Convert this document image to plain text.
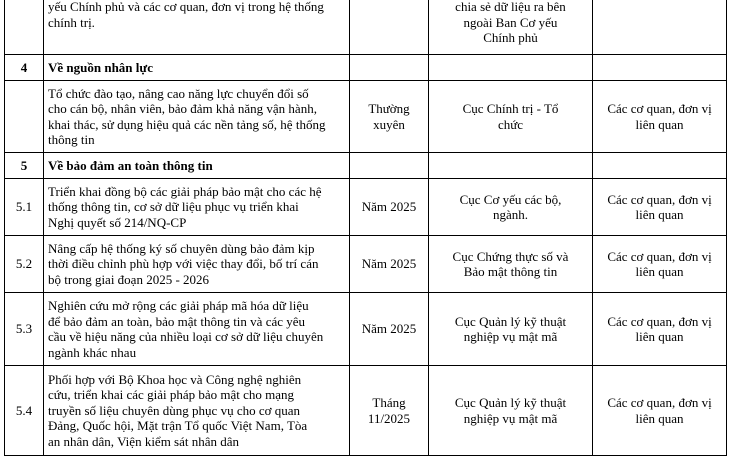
	yếu Chính phủ và các cơ quan, đơn vị trong hệ thống
chính trị.		chia sẻ dữ liệu ra bên
ngoài Ban Cơ yếu
Chính phủ	
4	Về nguồn nhân lực			
	Tổ chức đào tạo, nâng cao năng lực chuyển đổi số
cho cán bộ, nhân viên, bảo đảm khả năng vận hành,
khai thác, sử dụng hiệu quả các nền tảng số, hệ thống
thông tin	Thường xuyên	Cục Chính trị - Tổ
chức	Các cơ quan, đơn vị
liên quan
5	Về bảo đảm an toàn thông tin			
5.1	Triển khai đồng bộ các giải pháp bảo mật cho các hệ
thống thông tin, cơ sở dữ liệu phục vụ triển khai
Nghị quyết số 214/NQ-CP	Năm 2025	Cục Cơ yếu các bộ,
ngành.	Các cơ quan, đơn vị
liên quan
5.2	Nâng cấp hệ thống ký số chuyên dùng bảo đảm kịp
thời điều chỉnh phù hợp với việc thay đổi, bố trí cán
bộ trong giai đoạn 2025 - 2026	Năm 2025	Cục Chứng thực số và
Bảo mật thông tin	Các cơ quan, đơn vị
liên quan
5.3	Nghiên cứu mở rộng các giải pháp mã hóa dữ liệu
để bảo đảm an toàn, bảo mật thông tin và các yêu
cầu về hiệu năng của nhiều loại cơ sở dữ liệu chuyên
ngành khác nhau	Năm 2025	Cục Quản lý kỹ thuật
nghiệp vụ mật mã	Các cơ quan, đơn vị
liên quan
5.4	Phối hợp với Bộ Khoa học và Công nghệ nghiên
cứu, triển khai các giải pháp bảo mật cho mạng
truyền số liệu chuyên dùng phục vụ cho cơ quan
Đảng, Quốc hội, Mặt trận Tổ quốc Việt Nam, Tòa
an nhân dân, Viện kiểm sát nhân dân	Tháng 11/2025	Cục Quản lý kỹ thuật
nghiệp vụ mật mã	Các cơ quan, đơn vị
liên quan
